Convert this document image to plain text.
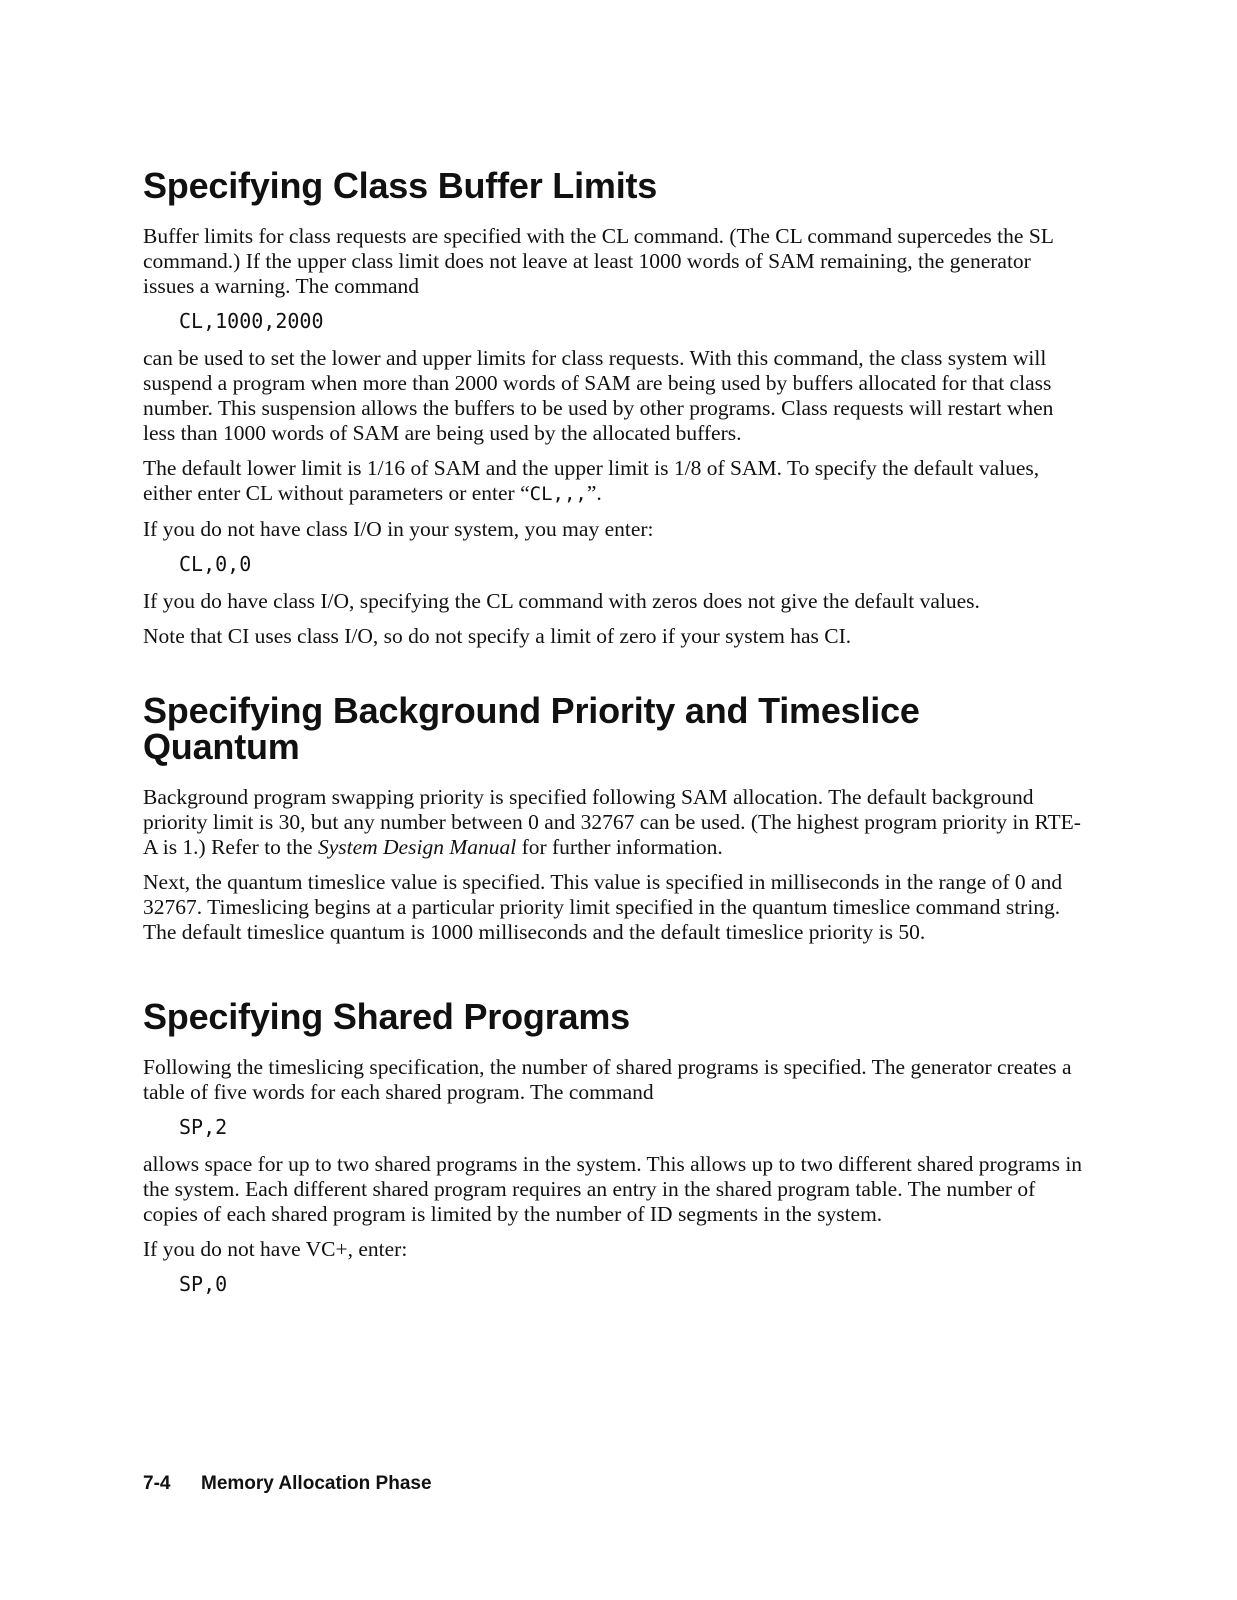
Specifying Class Buffer Limits

Buffer limits for class requests are specified with the CL command. (The CL command supercedes the SL command.) If the upper class limit does not leave at least 1000 words of SAM remaining, the generator issues a warning. The command

CL,1000,2000

can be used to set the lower and upper limits for class requests. With this command, the class system will suspend a program when more than 2000 words of SAM are being used by buffers allocated for that class number. This suspension allows the buffers to be used by other programs. Class requests will restart when less than 1000 words of SAM are being used by the allocated buffers.

The default lower limit is 1/16 of SAM and the upper limit is 1/8 of SAM. To specify the default values, either enter CL without parameters or enter “CL,,,”.

If you do not have class I/O in your system, you may enter:

CL,0,0

If you do have class I/O, specifying the CL command with zeros does not give the default values.

Note that CI uses class I/O, so do not specify a limit of zero if your system has CI.

Specifying Background Priority and Timeslice Quantum

Background program swapping priority is specified following SAM allocation. The default background priority limit is 30, but any number between 0 and 32767 can be used. (The highest program priority in RTE-A is 1.) Refer to the System Design Manual for further information.

Next, the quantum timeslice value is specified. This value is specified in milliseconds in the range of 0 and 32767. Timeslicing begins at a particular priority limit specified in the quantum timeslice command string. The default timeslice quantum is 1000 milliseconds and the default timeslice priority is 50.

Specifying Shared Programs

Following the timeslicing specification, the number of shared programs is specified. The generator creates a table of five words for each shared program. The command

SP,2

allows space for up to two shared programs in the system. This allows up to two different shared programs in the system. Each different shared program requires an entry in the shared program table. The number of copies of each shared program is limited by the number of ID segments in the system.

If you do not have VC+, enter:

SP,0
7-4 Memory Allocation Phase
